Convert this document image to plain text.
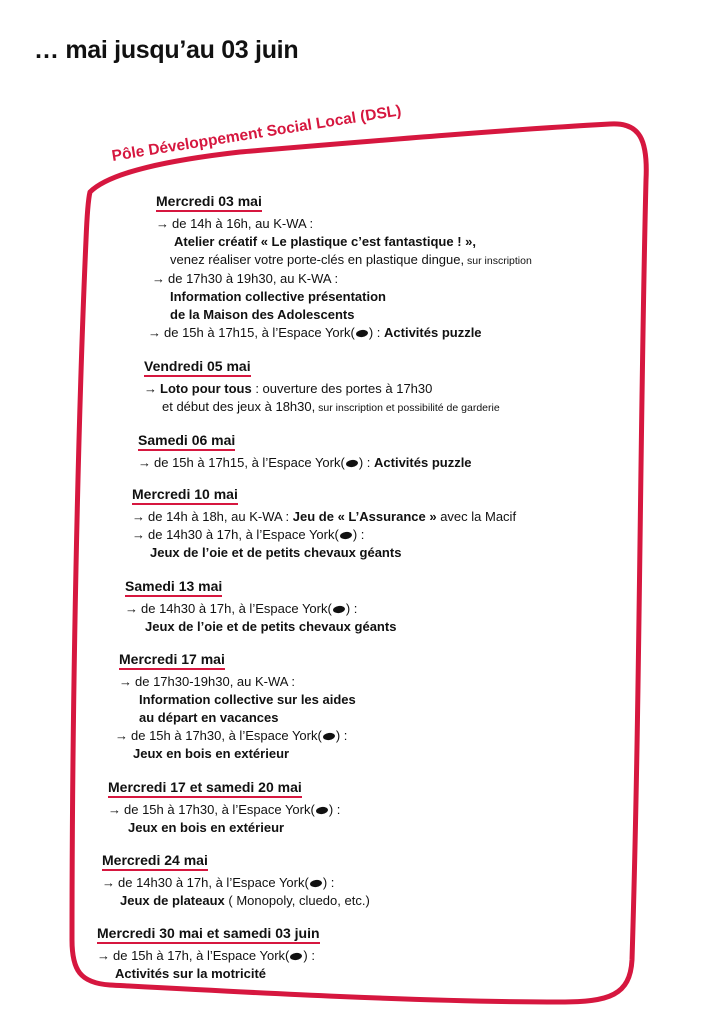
… mai jusqu’au 03 juin
Pôle Développement Social Local (DSL)
Mercredi 03 mai
→ de 14h à 16h, au K-WA :
Atelier créatif « Le plastique c’est fantastique ! »,
venez réaliser votre porte-clés en plastique dingue, sur inscription
→ de 17h30 à 19h30, au K-WA :
Information collective présentation
de la Maison des Adolescents
→ de 15h à 17h15, à l’Espace York( ) : Activités puzzle
Vendredi 05 mai
→ Loto pour tous : ouverture des portes à 17h30
et début des jeux à 18h30, sur inscription et possibilité de garderie
Samedi 06 mai
→ de 15h à 17h15, à l’Espace York( ) : Activités puzzle
Mercredi 10 mai
→ de 14h à 18h, au K-WA : Jeu de « L’Assurance » avec la Macif
→ de 14h30 à 17h, à l’Espace York( ) :
Jeux de l’oie et de petits chevaux géants
Samedi 13 mai
→ de 14h30 à 17h, à l’Espace York( ) :
Jeux de l’oie et de petits chevaux géants
Mercredi 17 mai
→ de 17h30-19h30, au K-WA :
Information collective sur les aides
au départ en vacances
→ de 15h à 17h30, à l’Espace York( ) :
Jeux en bois en extérieur
Mercredi 17 et samedi 20 mai
→ de 15h à 17h30, à l’Espace York( ) :
Jeux en bois en extérieur
Mercredi 24 mai
→ de 14h30 à 17h, à l’Espace York( ) :
Jeux de plateaux ( Monopoly, cluedo, etc.)
Mercredi 30 mai et samedi 03 juin
→ de 15h à 17h, à l’Espace York( ) :
Activités sur la motricité
